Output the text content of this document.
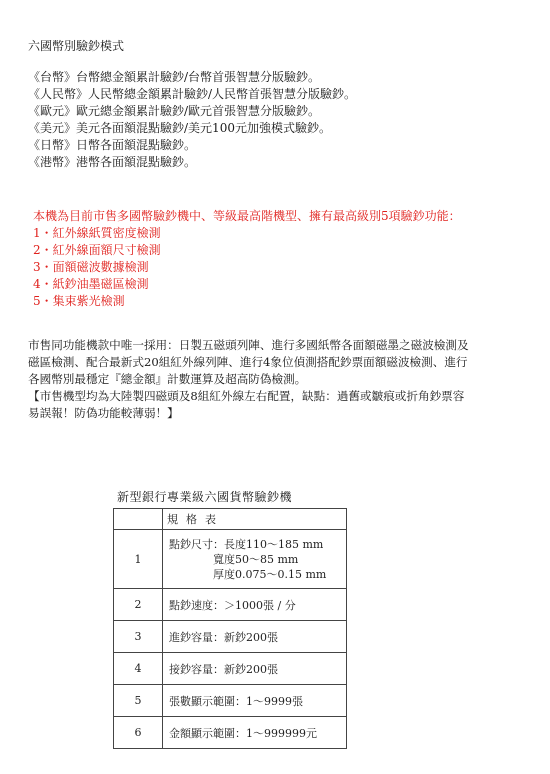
六國幣別驗鈔模式
《台幣》台幣總金額累計驗鈔/台幣首張智慧分版驗鈔。
《人民幣》人民幣總金額累計驗鈔/人民幣首張智慧分版驗鈔。
《歐元》歐元總金額累計驗鈔/歐元首張智慧分版驗鈔。
《美元》美元各面額混點驗鈔/美元100元加強模式驗鈔。
《日幣》日幣各面額混點驗鈔。
《港幣》港幣各面額混點驗鈔。
本機為目前市售多國幣驗鈔機中、等級最高階機型、擁有最高級別5項驗鈔功能：
1・紅外線紙質密度檢測
2・紅外線面額尺寸檢測
3・面額磁波數據檢測
4・紙鈔油墨磁區檢測
5・集束紫光檢測
市售同功能機款中唯一採用：日製五磁頭列陣、進行多國紙幣各面額磁墨之磁波檢測及
磁區檢測、配合最新式20組紅外線列陣、進行4象位偵測搭配鈔票面額磁波檢測、進行
各國幣別最穩定『總金額』計數運算及超高防偽檢測。
【市售機型均為大陸製四磁頭及8組紅外線左右配置，缺點：過舊或皺痕或折角鈔票容
易誤報！防偽功能較薄弱！】
新型銀行專業級六國貨幣驗鈔機
	規格表
1	點鈔尺寸：長度110～185 mm
寬度50～85 mm
厚度0.075～0.15 mm

2	點鈔速度：＞1000張 / 分
3	進鈔容量：新鈔200張
4	接鈔容量：新鈔200張
5	張數顯示範圍：1～9999張
6	金額顯示範圍：1～999999元
